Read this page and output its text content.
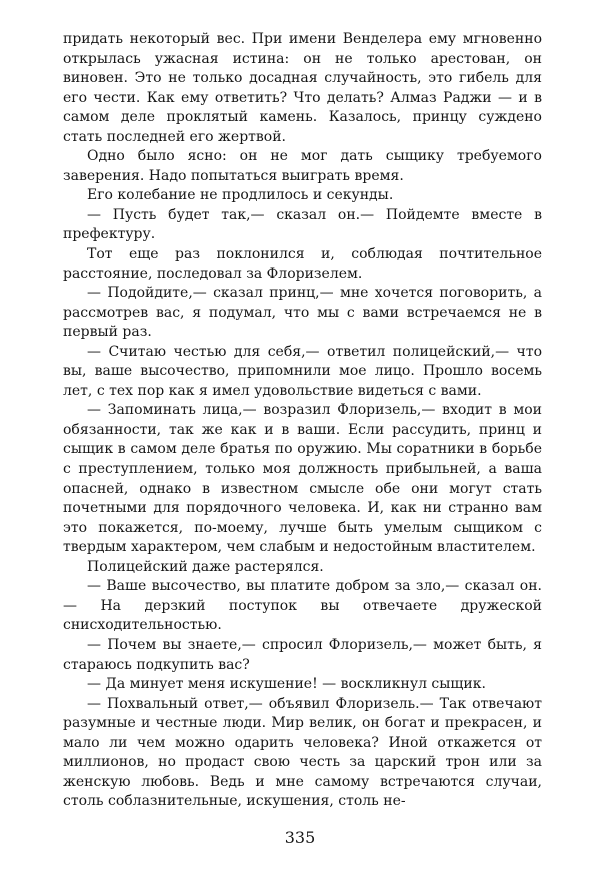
придать некоторый вес. При имени Венделера ему мгновенно открылась ужасная истина: он не только арестован, он виновен. Это не только досадная случайность, это гибель для его чести. Как ему ответить? Что делать? Алмаз Раджи — и в самом деле проклятый камень. Казалось, принцу суждено стать последней его жертвой.

Одно было ясно: он не мог дать сыщику требуемого заверения. Надо попытаться выиграть время.

Его колебание не продлилось и секунды.

— Пусть будет так,— сказал он.— Пойдемте вместе в префектуру.

Тот еще раз поклонился и, соблюдая почтительное расстояние, последовал за Флоризелем.

— Подойдите,— сказал принц,— мне хочется поговорить, а рассмотрев вас, я подумал, что мы с вами встречаемся не в первый раз.

— Считаю честью для себя,— ответил полицейский,— что вы, ваше высочество, припомнили мое лицо. Прошло восемь лет, с тех пор как я имел удовольствие видеться с вами.

— Запоминать лица,— возразил Флоризель,— входит в мои обязанности, так же как и в ваши. Если рассудить, принц и сыщик в самом деле братья по оружию. Мы соратники в борьбе с преступлением, только моя должность прибыльней, а ваша опасней, однако в известном смысле обе они могут стать почетными для порядочного человека. И, как ни странно вам это покажется, по-моему, лучше быть умелым сыщиком с твердым характером, чем слабым и недостойным властителем.

Полицейский даже растерялся.

— Ваше высочество, вы платите добром за зло,— сказал он.— На дерзкий поступок вы отвечаете дружеской снисходительностью.

— Почем вы знаете,— спросил Флоризель,— может быть, я стараюсь подкупить вас?

— Да минует меня искушение! — воскликнул сыщик.

— Похвальный ответ,— объявил Флоризель.— Так отвечают разумные и честные люди. Мир велик, он богат и прекрасен, и мало ли чем можно одарить человека? Иной откажется от миллионов, но продаст свою честь за царский трон или за женскую любовь. Ведь и мне самому встречаются случаи, столь соблазнительные, искушения, столь не-

335
